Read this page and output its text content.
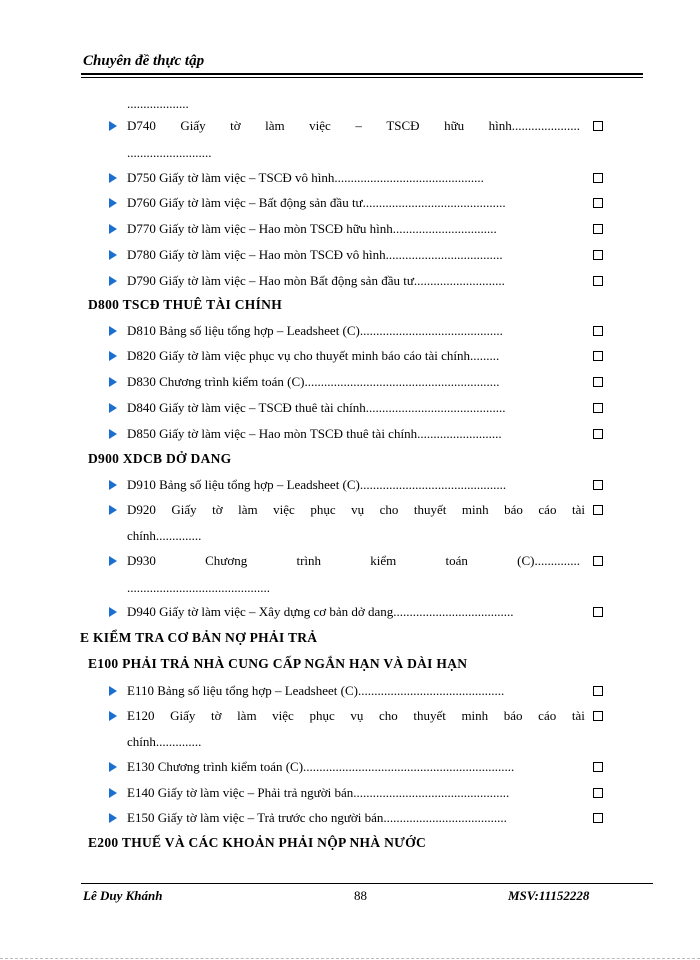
Chuyên đề thực tập
...................
D740 Giấy tờ làm việc – TSCĐ hữu hình.....................
..........................
D750 Giấy tờ làm việc – TSCĐ vô hình..............................................
D760 Giấy tờ làm việc – Bất động sản đầu tư............................................
D770 Giấy tờ làm việc – Hao mòn TSCĐ hữu hình................................
D780 Giấy tờ làm việc – Hao mòn TSCĐ vô hình....................................
D790 Giấy tờ làm việc – Hao mòn Bất động sản đầu tư............................
D800 TSCĐ THUÊ TÀI CHÍNH
D810 Bảng số liệu tổng hợp – Leadsheet (C)............................................
D820 Giấy tờ làm việc phục vụ cho thuyết minh báo cáo tài chính.........
D830 Chương trình kiểm toán (C)............................................................
D840 Giấy tờ làm việc – TSCĐ thuê tài chính...........................................
D850 Giấy tờ làm việc – Hao mòn TSCĐ thuê tài chính..........................
D900 XDCB DỞ DANG
D910 Bảng số liệu tổng hợp – Leadsheet (C).............................................
D920 Giấy tờ làm việc phục vụ cho thuyết minh báo cáo tài
chính..............
D930	Chương	trình	kiểm	toán	(C)..............
............................................
D940 Giấy tờ làm việc – Xây dựng cơ bản dở dang.....................................
E KIỂM TRA CƠ BẢN NỢ PHẢI TRẢ
E100 PHẢI TRẢ NHÀ CUNG CẤP NGẮN HẠN VÀ DÀI HẠN
E110 Bảng số liệu tổng hợp – Leadsheet (C).............................................
E120 Giấy tờ làm việc phục vụ cho thuyết minh báo cáo tài
chính..............
E130 Chương trình kiểm toán (C).................................................................
E140 Giấy tờ làm việc – Phải trả người bán................................................
E150 Giấy tờ làm việc – Trả trước cho người bán......................................
E200 THUẾ VÀ CÁC KHOẢN PHẢI NỘP NHÀ NƯỚC
Lê Duy Khánh	88	MSV:11152228
